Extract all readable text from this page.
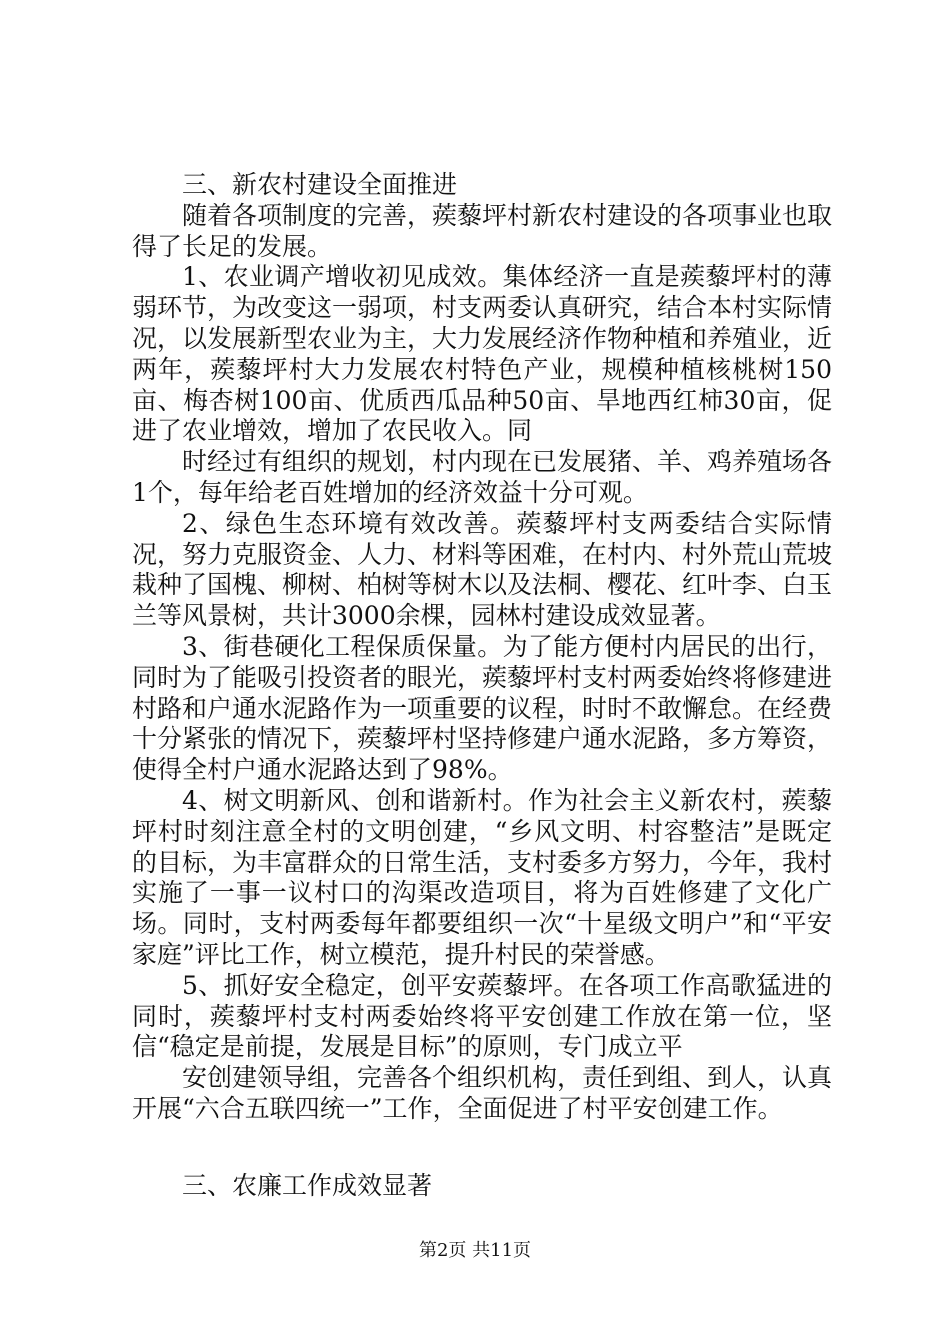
三、新农村建设全面推进

随着各项制度的完善，蒺藜坪村新农村建设的各项事业也取得了长足的发展。

1、农业调产增收初见成效。集体经济一直是蒺藜坪村的薄弱环节，为改变这一弱项，村支两委认真研究，结合本村实际情况，以发展新型农业为主，大力发展经济作物种植和养殖业，近两年，蒺藜坪村大力发展农村特色产业，规模种植核桃树150亩、梅杏树100亩、优质西瓜品种50亩、旱地西红柿30亩，促进了农业增效，增加了农民收入。同

时经过有组织的规划，村内现在已发展猪、羊、鸡养殖场各1个，每年给老百姓增加的经济效益十分可观。

2、绿色生态环境有效改善。蒺藜坪村支两委结合实际情况，努力克服资金、人力、材料等困难，在村内、村外荒山荒坡栽种了国槐、柳树、柏树等树木以及法桐、樱花、红叶李、白玉兰等风景树，共计3000余棵，园林村建设成效显著。

3、街巷硬化工程保质保量。为了能方便村内居民的出行，同时为了能吸引投资者的眼光，蒺藜坪村支村两委始终将修建进村路和户通水泥路作为一项重要的议程，时时不敢懈怠。在经费十分紧张的情况下，蒺藜坪村坚持修建户通水泥路，多方筹资，使得全村户通水泥路达到了98%。

4、树文明新风、创和谐新村。作为社会主义新农村，蒺藜坪村时刻注意全村的文明创建，“乡风文明、村容整洁”是既定的目标，为丰富群众的日常生活，支村委多方努力，今年，我村实施了一事一议村口的沟渠改造项目，将为百姓修建了文化广场。同时，支村两委每年都要组织一次“十星级文明户”和“平安家庭”评比工作，树立模范，提升村民的荣誉感。

5、抓好安全稳定，创平安蒺藜坪。在各项工作高歌猛进的同时，蒺藜坪村支村两委始终将平安创建工作放在第一位，坚信“稳定是前提，发展是目标”的原则，专门成立平

安创建领导组，完善各个组织机构，责任到组、到人，认真开展“六合五联四统一”工作，全面促进了村平安创建工作。

三、农廉工作成效显著

第2页 共11页
